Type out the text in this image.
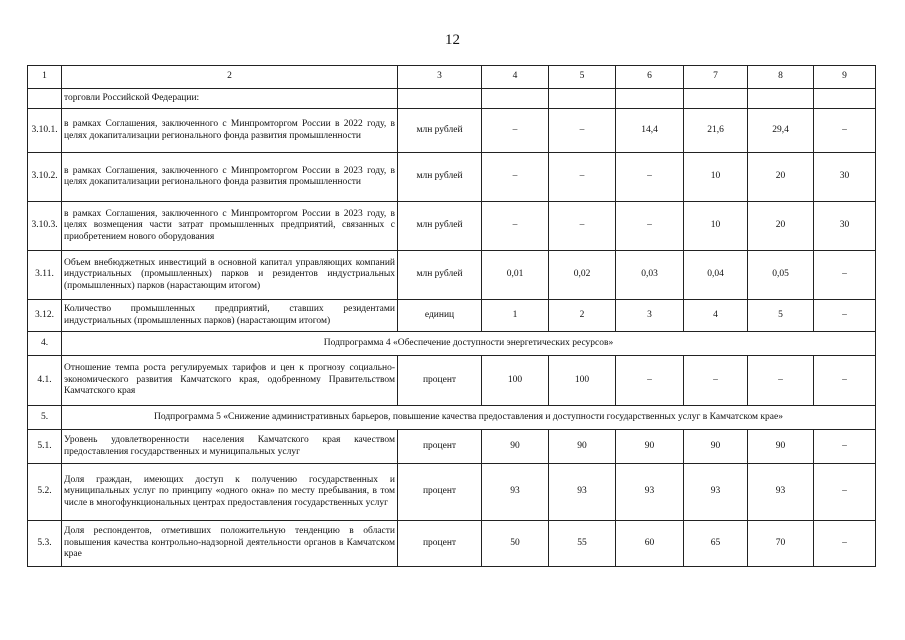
12
1	2	3	4	5	6	7	8	9
	торговли Российской Федерации:							
3.10.1.	в рамках Соглашения, заключенного с Минпромторгом России в 2022 году, в целях докапитализации регионального фонда развития промышленности	млн рублей	–	–	14,4	21,6	29,4	–
3.10.2.	в рамках Соглашения, заключенного с Минпромторгом России в 2023 году, в целях докапитализации регионального фонда развития промышленности	млн рублей	–	–	–	10	20	30
3.10.3.	в рамках Соглашения, заключенного с Минпромторгом России в 2023 году, в целях возмещения части затрат промышленных предприятий, связанных с приобретением нового оборудования	млн рублей	–	–	–	10	20	30
3.11.	Объем внебюджетных инвестиций в основной капитал управляющих компаний индустриальных (промышленных) парков и резидентов индустриальных (промышленных) парков (нарастающим итогом)	млн рублей	0,01	0,02	0,03	0,04	0,05	–
3.12.	Количество промышленных предприятий, ставших резидентами индустриальных (промышленных парков) (нарастающим итогом)	единиц	1	2	3	4	5	–
4.	Подпрограмма 4 «Обеспечение доступности энергетических ресурсов»							
4.1.	Отношение темпа роста регулируемых тарифов и цен к прогнозу социально-экономического развития Камчатского края, одобренному Правительством Камчатского края	процент	100	100	–	–	–	–
5.	Подпрограмма 5 «Снижение административных барьеров, повышение качества предоставления и доступности государственных услуг в Камчатском крае»							
5.1.	Уровень удовлетворенности населения Камчатского края качеством предоставления государственных и муниципальных услуг	процент	90	90	90	90	90	–
5.2.	Доля граждан, имеющих доступ к получению государственных и муниципальных услуг по принципу «одного окна» по месту пребывания, в том числе в многофункциональных центрах предоставления государственных услуг	процент	93	93	93	93	93	–
5.3.	Доля респондентов, отметивших положительную тенденцию в области повышения качества контрольно-надзорной деятельности органов в Камчатском крае	процент	50	55	60	65	70	–
